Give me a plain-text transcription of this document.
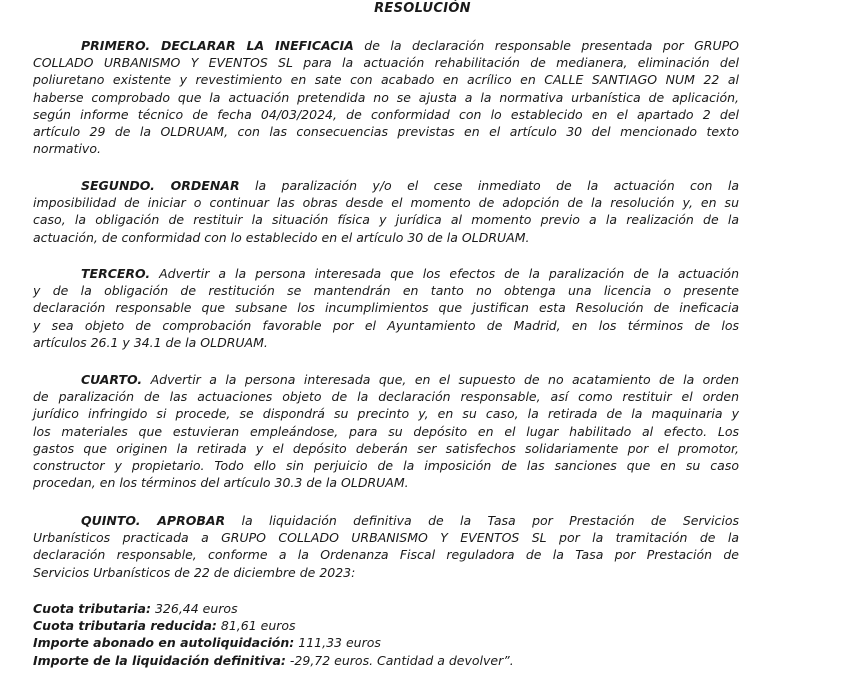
RESOLUCIÓN
PRIMERO. DECLARAR LA INEFICACIA de la declaración responsable presentada por GRUPO
COLLADO URBANISMO Y EVENTOS SL para la actuación rehabilitación de medianera, eliminación del
poliuretano existente y revestimiento en sate con acabado en acrílico en CALLE SANTIAGO NUM 22 al
haberse comprobado que la actuación pretendida no se ajusta a la normativa urbanística de aplicación,
según informe técnico de fecha 04/03/2024, de conformidad con lo establecido en el apartado 2 del
artículo 29 de la OLDRUAM, con las consecuencias previstas en el artículo 30 del mencionado texto
normativo.
SEGUNDO. ORDENAR la paralización y/o el cese inmediato de la actuación con la
imposibilidad de iniciar o continuar las obras desde el momento de adopción de la resolución y, en su
caso, la obligación de restituir la situación física y jurídica al momento previo a la realización de la
actuación, de conformidad con lo establecido en el artículo 30 de la OLDRUAM.
TERCERO. Advertir a la persona interesada que los efectos de la paralización de la actuación
y de la obligación de restitución se mantendrán en tanto no obtenga una licencia o presente
declaración responsable que subsane los incumplimientos que justifican esta Resolución de ineficacia
y sea objeto de comprobación favorable por el Ayuntamiento de Madrid, en los términos de los
artículos 26.1 y 34.1 de la OLDRUAM.
CUARTO. Advertir a la persona interesada que, en el supuesto de no acatamiento de la orden
de paralización de las actuaciones objeto de la declaración responsable, así como restituir el orden
jurídico infringido si procede, se dispondrá su precinto y, en su caso, la retirada de la maquinaria y
los materiales que estuvieran empleándose, para su depósito en el lugar habilitado al efecto. Los
gastos que originen la retirada y el depósito deberán ser satisfechos solidariamente por el promotor,
constructor y propietario. Todo ello sin perjuicio de la imposición de las sanciones que en su caso
procedan, en los términos del artículo 30.3 de la OLDRUAM.
QUINTO. APROBAR la liquidación definitiva de la Tasa por Prestación de Servicios
Urbanísticos practicada a GRUPO COLLADO URBANISMO Y EVENTOS SL por la tramitación de la
declaración responsable, conforme a la Ordenanza Fiscal reguladora de la Tasa por Prestación de
Servicios Urbanísticos de 22 de diciembre de 2023:
Cuota tributaria: 326,44 euros
Cuota tributaria reducida: 81,61 euros
Importe abonado en autoliquidación: 111,33 euros
Importe de la liquidación definitiva: -29,72 euros. Cantidad a devolver”.
